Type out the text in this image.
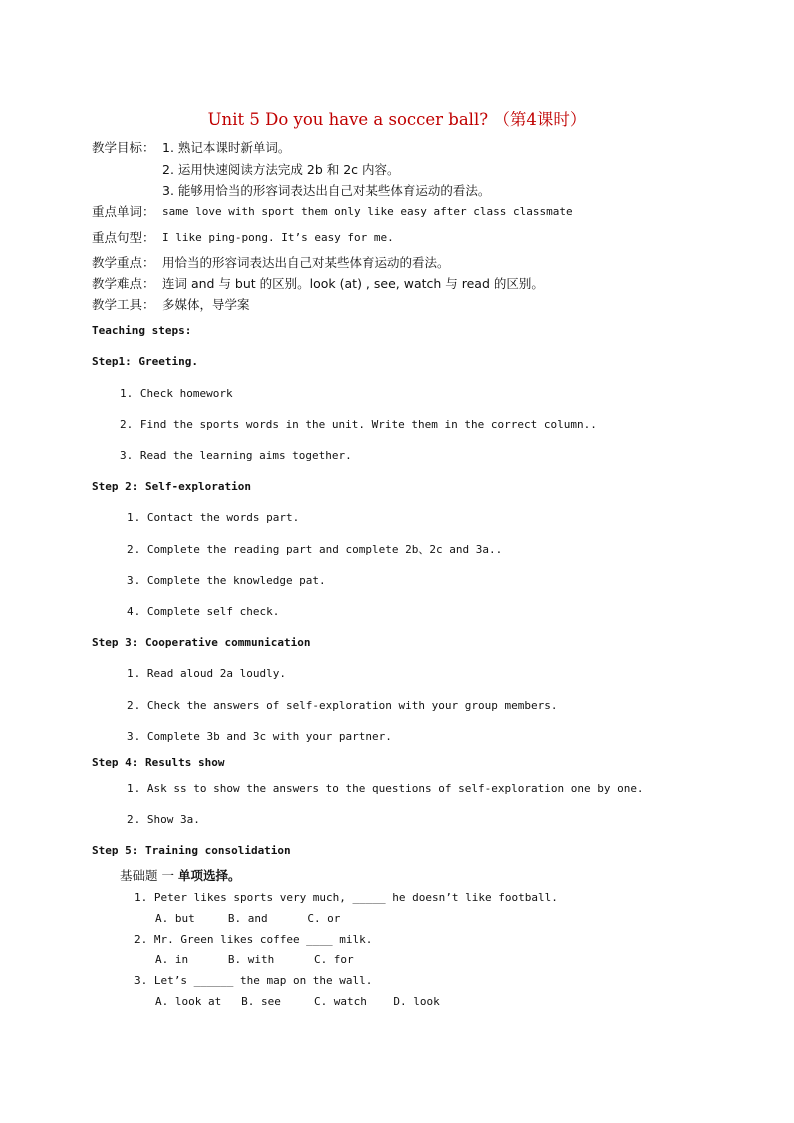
Unit 5 Do you have a soccer ball? （第4课时）
教学目标： 1. 熟记本课时新单词。
2. 运用快速阅读方法完成 2b 和 2c 内容。
3. 能够用恰当的形容词表达出自己对某些体育运动的看法。
重点单词： same love with sport them only like easy after class classmate
重点句型： I like ping-pong. It’s easy for me.
教学重点： 用恰当的形容词表达出自己对某些体育运动的看法。
教学难点： 连词 and 与 but 的区别。look (at) , see, watch 与 read 的区别。
教学工具： 多媒体，导学案
Teaching steps:
Step1: Greeting.
1. Check homework
2. Find the sports words in the unit. Write them in the correct column..
3. Read the learning aims together.
Step 2: Self-exploration
1. Contact the words part.
2. Complete the reading part and complete 2b、2c and 3a..
3. Complete the knowledge pat.
4. Complete self check.
Step 3: Cooperative communication
1. Read aloud 2a loudly.
2. Check the answers of self-exploration with your group members.
3. Complete 3b and 3c with your partner.
Step 4: Results show
1. Ask ss to show the answers to the questions of self-exploration one by one.
2. Show 3a.
Step 5: Training consolidation
基础题 一 单项选择。
1. Peter likes sports very much, _____ he doesn’t like football.
A. but     B. and      C. or
2. Mr. Green likes coffee ____ milk.
A. in      B. with      C. for
3. Let’s ______ the map on the wall.
A. look at   B. see     C. watch    D. look
